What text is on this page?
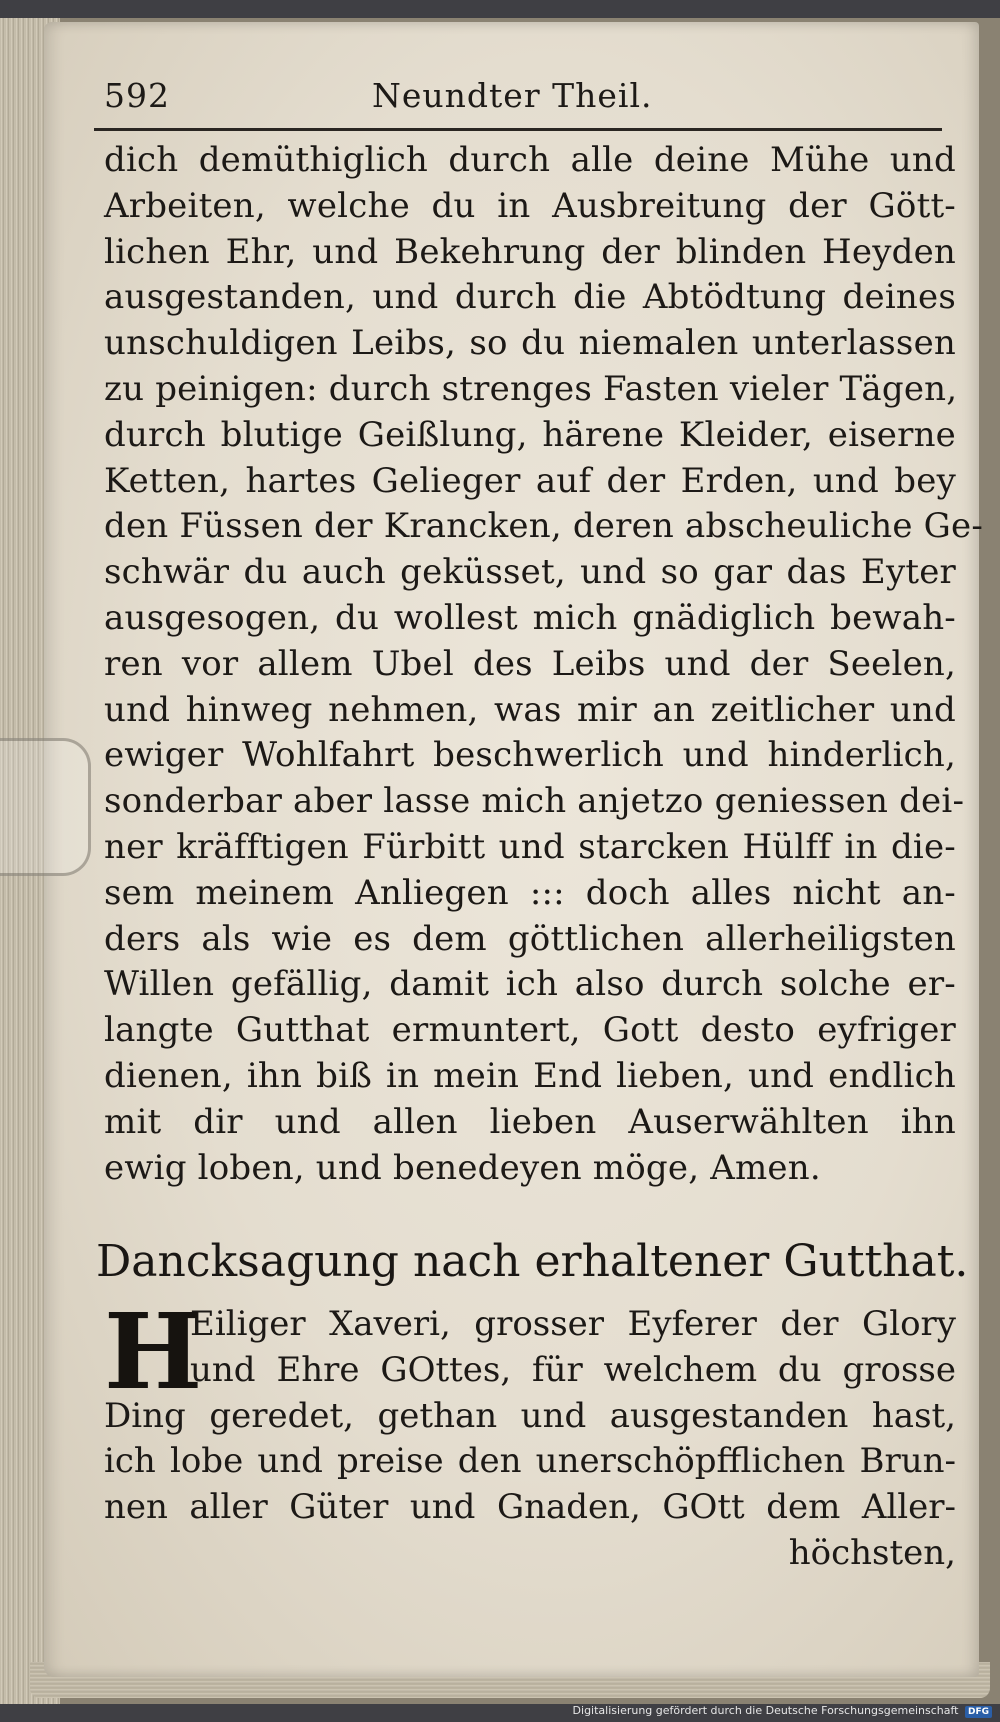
592	Neundter Theil.
dich demüthiglich durch alle deine Mühe und
Arbeiten, welche du in Ausbreitung der Gött-
lichen Ehr, und Bekehrung der blinden Heyden
ausgestanden, und durch die Abtödtung deines
unschuldigen Leibs, so du niemalen unterlassen
zu peinigen: durch strenges Fasten vieler Tägen,
durch blutige Geißlung, härene Kleider, eiserne
Ketten, hartes Gelieger auf der Erden, und bey
den Füssen der Krancken, deren abscheuliche Ge-
schwär du auch geküsset, und so gar das Eyter
ausgesogen, du wollest mich gnädiglich bewah-
ren vor allem Ubel des Leibs und der Seelen,
und hinweg nehmen, was mir an zeitlicher und
ewiger Wohlfahrt beschwerlich und hinderlich,
sonderbar aber lasse mich anjetzo geniessen dei-
ner kräfftigen Fürbitt und starcken Hülff in die-
sem meinem Anliegen ::: doch alles nicht an-
ders als wie es dem göttlichen allerheiligsten
Willen gefällig, damit ich also durch solche er-
langte Gutthat ermuntert, Gott desto eyfriger
dienen, ihn biß in mein End lieben, und endlich
mit dir und allen lieben Auserwählten ihn
ewig loben, und benedeyen möge, Amen.
Dancksagung nach erhaltener Gutthat.
H
Eiliger Xaveri, grosser Eyferer der Glory
und Ehre GOttes, für welchem du grosse
Ding geredet, gethan und ausgestanden hast,
ich lobe und preise den unerschöpfflichen Brun-
nen aller Güter und Gnaden, GOtt dem Aller-
höchsten,
Digitalisierung gefördert durch die Deutsche Forschungsgemeinschaft DFG
